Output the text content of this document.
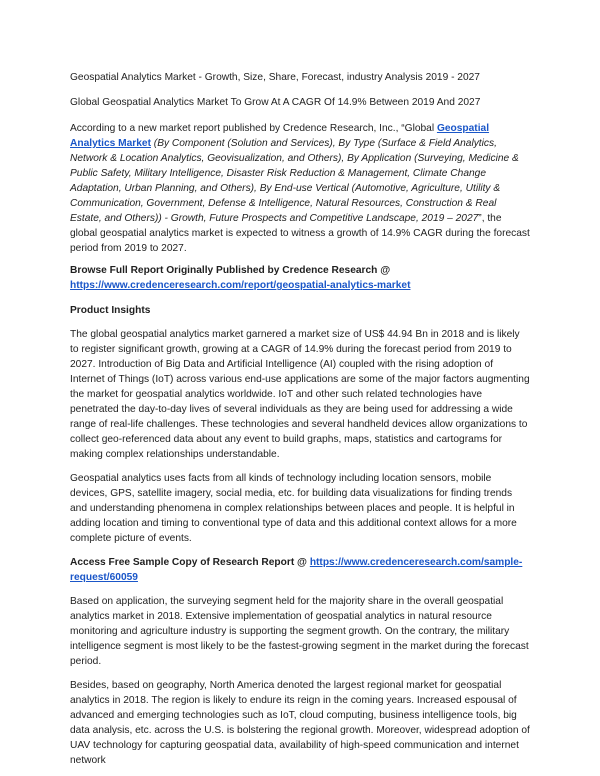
Geospatial Analytics Market - Growth, Size, Share, Forecast, industry Analysis 2019 - 2027

Global Geospatial Analytics Market To Grow At A CAGR Of 14.9% Between 2019 And 2027

According to a new market report published by Credence Research, Inc., “Global Geospatial Analytics Market (By Component (Solution and Services), By Type (Surface & Field Analytics, Network & Location Analytics, Geovisualization, and Others), By Application (Surveying, Medicine & Public Safety, Military Intelligence, Disaster Risk Reduction & Management, Climate Change Adaptation, Urban Planning, and Others), By End-use Vertical (Automotive, Agriculture, Utility & Communication, Government, Defense & Intelligence, Natural Resources, Construction & Real Estate, and Others)) - Growth, Future Prospects and Competitive Landscape, 2019 – 2027”, the global geospatial analytics market is expected to witness a growth of 14.9% CAGR during the forecast period from 2019 to 2027.

Browse Full Report Originally Published by Credence Research @

https://www.credenceresearch.com/report/geospatial-analytics-market

Product Insights

The global geospatial analytics market garnered a market size of US$ 44.94 Bn in 2018 and is likely to register significant growth, growing at a CAGR of 14.9% during the forecast period from 2019 to 2027. Introduction of Big Data and Artificial Intelligence (AI) coupled with the rising adoption of Internet of Things (IoT) across various end-use applications are some of the major factors augmenting the market for geospatial analytics worldwide. IoT and other such related technologies have penetrated the day-to-day lives of several individuals as they are being used for addressing a wide range of real-life challenges. These technologies and several handheld devices allow organizations to collect geo-referenced data about any event to build graphs, maps, statistics and cartograms for making complex relationships understandable.

Geospatial analytics uses facts from all kinds of technology including location sensors, mobile devices, GPS, satellite imagery, social media, etc. for building data visualizations for finding trends and understanding phenomena in complex relationships between places and people. It is helpful in adding location and timing to conventional type of data and this additional context allows for a more complete picture of events.

Access Free Sample Copy of Research Report @ https://www.credenceresearch.com/sample-request/60059

Based on application, the surveying segment held for the majority share in the overall geospatial analytics market in 2018. Extensive implementation of geospatial analytics in natural resource monitoring and agriculture industry is supporting the segment growth. On the contrary, the military intelligence segment is most likely to be the fastest-growing segment in the market during the forecast period.

Besides, based on geography, North America denoted the largest regional market for geospatial analytics in 2018. The region is likely to endure its reign in the coming years. Increased espousal of advanced and emerging technologies such as IoT, cloud computing, business intelligence tools, big data analysis, etc. across the U.S. is bolstering the regional growth. Moreover, widespread adoption of UAV technology for capturing geospatial data, availability of high-speed communication and internet network
